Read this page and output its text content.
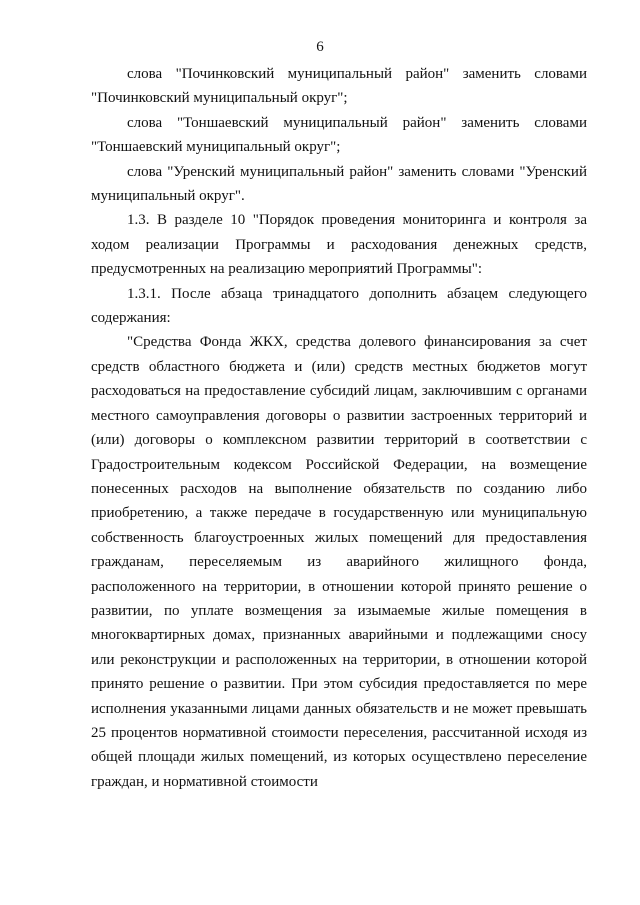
6

слова "Починковский муниципальный район" заменить словами "Починковский муниципальный округ";

слова "Тоншаевский муниципальный район" заменить словами "Тоншаевский муниципальный округ";

слова "Уренский муниципальный район" заменить словами "Уренский муниципальный округ".

1.3. В разделе 10 "Порядок проведения мониторинга и контроля за ходом реализации Программы и расходования денежных средств, предусмотренных на реализацию мероприятий Программы":

1.3.1. После абзаца тринадцатого дополнить абзацем следующего содержания:

"Средства Фонда ЖКХ, средства долевого финансирования за счет средств областного бюджета и (или) средств местных бюджетов могут расходоваться на предоставление субсидий лицам, заключившим с органами местного самоуправления договоры о развитии застроенных территорий и (или) договоры о комплексном развитии территорий в соответствии с Градостроительным кодексом Российской Федерации, на возмещение понесенных расходов на выполнение обязательств по созданию либо приобретению, а также передаче в государственную или муниципальную собственность благоустроенных жилых помещений для предоставления гражданам, переселяемым из аварийного жилищного фонда, расположенного на территории, в отношении которой принято решение о развитии, по уплате возмещения за изымаемые жилые помещения в многоквартирных домах, признанных аварийными и подлежащими сносу или реконструкции и расположенных на территории, в отношении которой принято решение о развитии. При этом субсидия предоставляется по мере исполнения указанными лицами данных обязательств и не может превышать 25 процентов нормативной стоимости переселения, рассчитанной исходя из общей площади жилых помещений, из которых осуществлено переселение граждан, и нормативной стоимости
